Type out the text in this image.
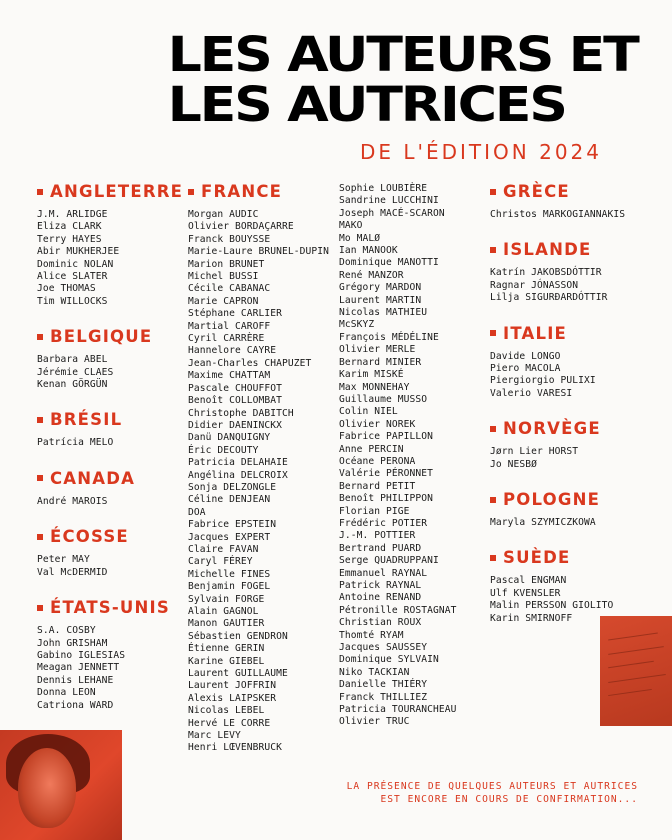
LES AUTEURS ET
LES AUTRICES
DE L'ÉDITION 2024
ANGLETERRE
J.M. ARLIDGE
Eliza CLARK
Terry HAYES
Abir MUKHERJEE
Dominic NOLAN
Alice SLATER
Joe THOMAS
Tim WILLOCKS
BELGIQUE
Barbara ABEL
Jérémie CLAES
Kenan GÖRGÜN
BRÉSIL
Patrícia MELO
CANADA
André MAROIS
ÉCOSSE
Peter MAY
Val McDERMID
ÉTATS-UNIS
S.A. COSBY
John GRISHAM
Gabino IGLESIAS
Meagan JENNETT
Dennis LEHANE
Donna LEON
Catriona WARD
FRANCE
Morgan AUDIC
Olivier BORDAÇARRE
Franck BOUYSSE
Marie-Laure BRUNEL-DUPIN
Marion BRUNET
Michel BUSSI
Cécile CABANAC
Marie CAPRON
Stéphane CARLIER
Martial CAROFF
Cyril CARRÈRE
Hannelore CAYRE
Jean-Charles CHAPUZET
Maxime CHATTAM
Pascale CHOUFFOT
Benoît COLLOMBAT
Christophe DABITCH
Didier DAENINCKX
Danü DANQUIGNY
Éric DECOUTY
Patricia DELAHAIE
Angélina DELCROIX
Sonja DELZONGLE
Céline DENJEAN
DOA
Fabrice EPSTEIN
Jacques EXPERT
Claire FAVAN
Caryl FÉREY
Michelle FINES
Benjamin FOGEL
Sylvain FORGE
Alain GAGNOL
Manon GAUTIER
Sébastien GENDRON
Étienne GERIN
Karine GIEBEL
Laurent GUILLAUME
Laurent JOFFRIN
Alexis LAIPSKER
Nicolas LEBEL
Hervé LE CORRE
Marc LEVY
Henri LŒVENBRUCK
Sophie LOUBIÈRE
Sandrine LUCCHINI
Joseph MACÉ-SCARON
MAKO
Mo MALØ
Ian MANOOK
Dominique MANOTTI
René MANZOR
Grégory MARDON
Laurent MARTIN
Nicolas MATHIEU
McSKYZ
François MÉDÉLINE
Olivier MERLE
Bernard MINIER
Karim MISKÉ
Max MONNEHAY
Guillaume MUSSO
Colin NIEL
Olivier NOREK
Fabrice PAPILLON
Anne PERCIN
Océane PERONA
Valérie PÉRONNET
Bernard PETIT
Benoît PHILIPPON
Florian PIGE
Frédéric POTIER
J.-M. POTTIER
Bertrand PUARD
Serge QUADRUPPANI
Emmanuel RAYNAL
Patrick RAYNAL
Antoine RENAND
Pétronille ROSTAGNAT
Christian ROUX
Thomté RYAM
Jacques SAUSSEY
Dominique SYLVAIN
Niko TACKIAN
Danielle THIÉRY
Franck THILLIEZ
Patricia TOURANCHEAU
Olivier TRUC
GRÈCE
Christos MARKOGIANNAKIS
ISLANDE
Katrín JAKOBSDÓTTIR
Ragnar JÓNASSON
Lilja SIGURÐARDÓTTIR
ITALIE
Davide LONGO
Piero MACOLA
Piergiorgio PULIXI
Valerio VARESI
NORVÈGE
Jørn Lier HORST
Jo NESBØ
POLOGNE
Maryla SZYMICZKOWA
SUÈDE
Pascal ENGMAN
Ulf KVENSLER
Malin PERSSON GIOLITO
Karin SMIRNOFF
LA PRÉSENCE DE QUELQUES AUTEURS ET AUTRICES
EST ENCORE EN COURS DE CONFIRMATION...
